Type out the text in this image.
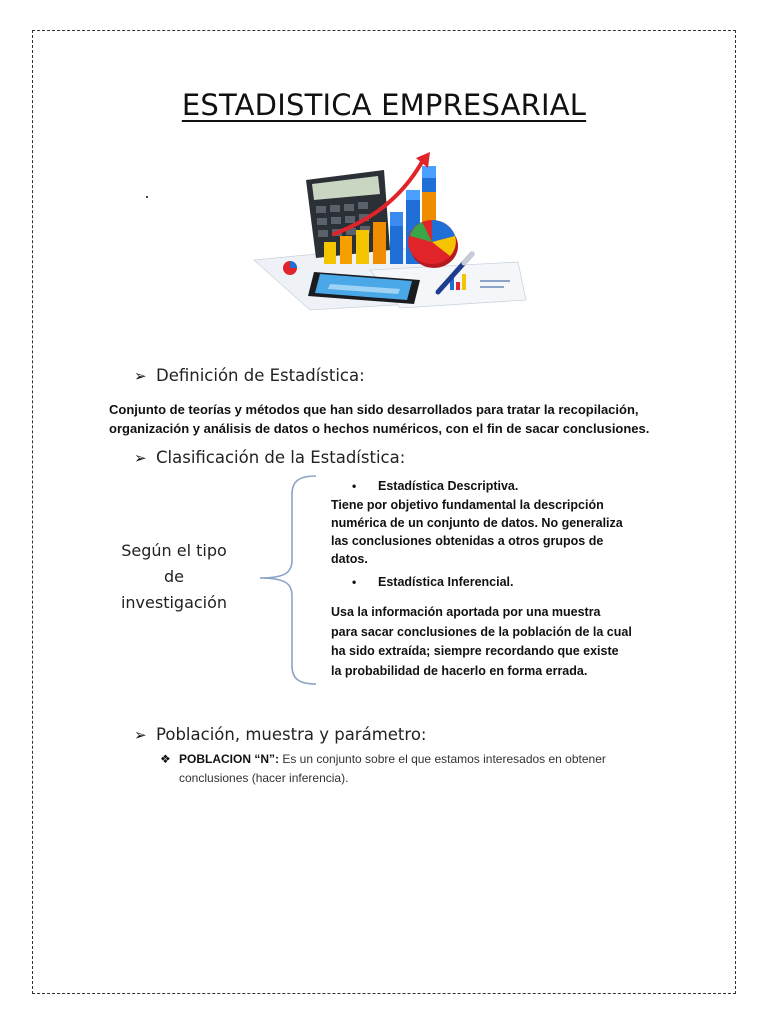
ESTADISTICA EMPRESARIAL
➢ Definición de Estadística:
Conjunto de teorías y métodos que han sido desarrollados para tratar la recopilación,
organización y análisis de datos o hechos numéricos, con el fin de sacar conclusiones.
➢ Clasificación de la Estadística:
Según el tipo
de
investigación
• Estadística Descriptiva.
Tiene por objetivo fundamental la descripción
numérica de un conjunto de datos. No generaliza
las conclusiones obtenidas a otros grupos de
datos.
• Estadística Inferencial.
Usa la información aportada por una muestra
para sacar conclusiones de la población de la cual
ha sido extraída; siempre recordando que existe
la probabilidad de hacerlo en forma errada.
➢ Población, muestra y parámetro:
❖ POBLACION “N”: Es un conjunto sobre el que estamos interesados en obtener
conclusiones (hacer inferencia).
